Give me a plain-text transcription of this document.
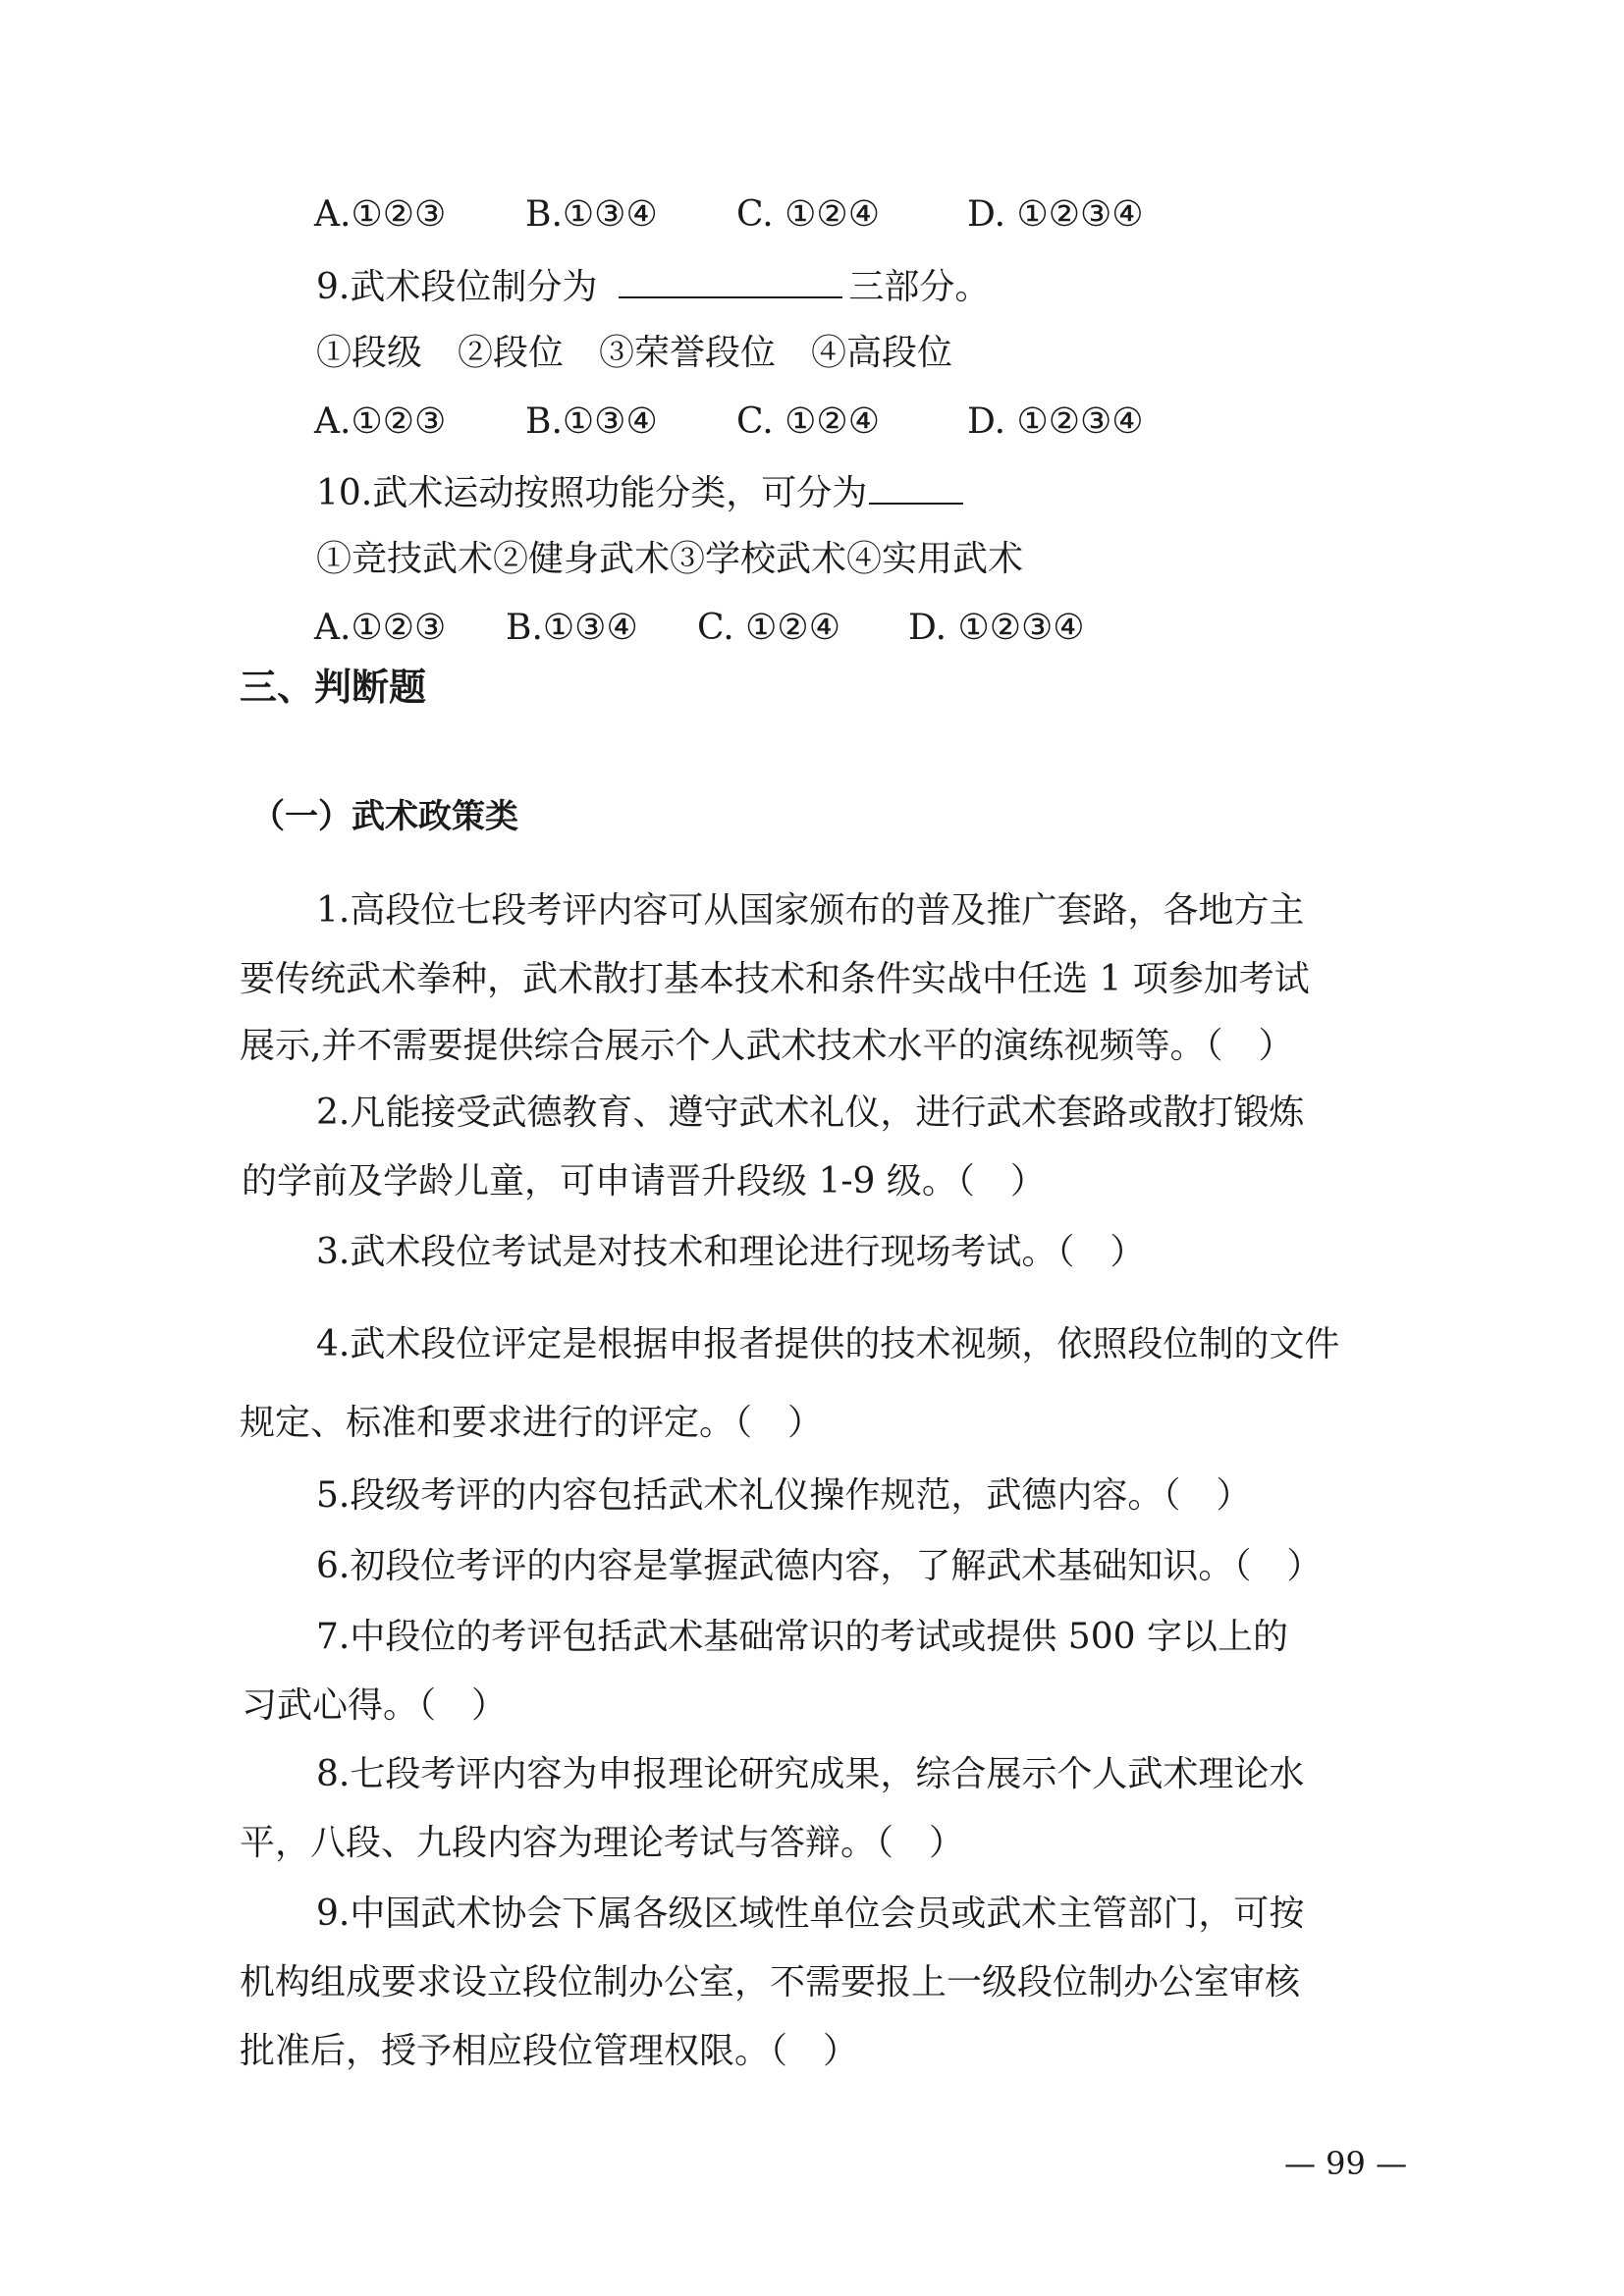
A.①②③ B.①③④ C. ①②④ D. ①②③④
9.武术段位制分为	三部分。
①段级　②段位　③荣誉段位　④高段位
A.①②③ B.①③④ C. ①②④ D. ①②③④
10.武术运动按照功能分类，可分为
①竞技武术②健身武术③学校武术④实用武术
A.①②③ B.①③④ C. ①②④ D. ①②③④
三、判断题
（一）武术政策类
1.高段位七段考评内容可从国家颁布的普及推广套路，各地方主
要传统武术拳种，武术散打基本技术和条件实战中任选 1 项参加考试
展示,并不需要提供综合展示个人武术技术水平的演练视频等。（　）
2.凡能接受武德教育、遵守武术礼仪，进行武术套路或散打锻炼
的学前及学龄儿童，可申请晋升段级 1-9 级。（　）
3.武术段位考试是对技术和理论进行现场考试。（　）
4.武术段位评定是根据申报者提供的技术视频，依照段位制的文件
规定、标准和要求进行的评定。（　）
5.段级考评的内容包括武术礼仪操作规范，武德内容。（　）
6.初段位考评的内容是掌握武德内容，了解武术基础知识。（　）
7.中段位的考评包括武术基础常识的考试或提供 500 字以上的
习武心得。（　）
8.七段考评内容为申报理论研究成果，综合展示个人武术理论水
平，八段、九段内容为理论考试与答辩。（　）
9.中国武术协会下属各级区域性单位会员或武术主管部门，可按
机构组成要求设立段位制办公室，不需要报上一级段位制办公室审核
批准后，授予相应段位管理权限。（　）
— 99 —
